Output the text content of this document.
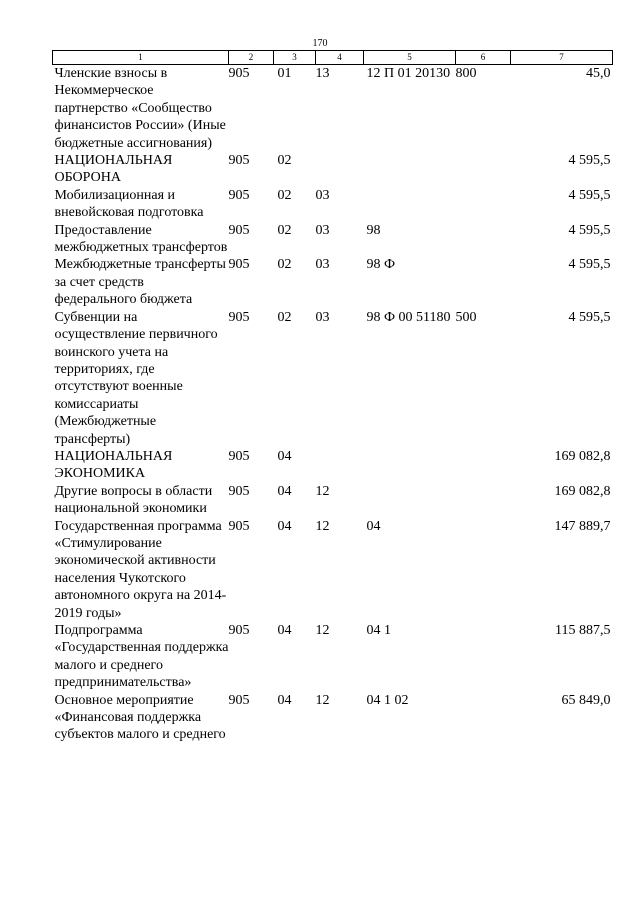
170
1	2	3	4	5	6	7
Членские взносы в Некоммерческое партнерство «Сообщество финансистов России» (Иные бюджетные ассигнования)	905	01	13	12 П 01 20130	800	45,0
НАЦИОНАЛЬНАЯ ОБОРОНА	905	02				4 595,5
Мобилизационная и вневойсковая подготовка	905	02	03			4 595,5
Предоставление межбюджетных трансфертов	905	02	03	98		4 595,5
Межбюджетные трансферты за счет средств федерального бюджета	905	02	03	98 Ф		4 595,5
Субвенции на осуществление первичного воинского учета на территориях, где отсутствуют военные комиссариаты (Межбюджетные трансферты)	905	02	03	98 Ф 00 51180	500	4 595,5
НАЦИОНАЛЬНАЯ ЭКОНОМИКА	905	04				169 082,8
Другие вопросы в области национальной экономики	905	04	12			169 082,8
Государственная программа «Стимулирование экономической активности населения Чукотского автономного округа на 2014-2019 годы»	905	04	12	04		147 889,7
Подпрограмма «Государственная поддержка малого и среднего предпринимательства»	905	04	12	04 1		115 887,5
Основное мероприятие «Финансовая поддержка субъектов малого и среднего	905	04	12	04 1 02		65 849,0
